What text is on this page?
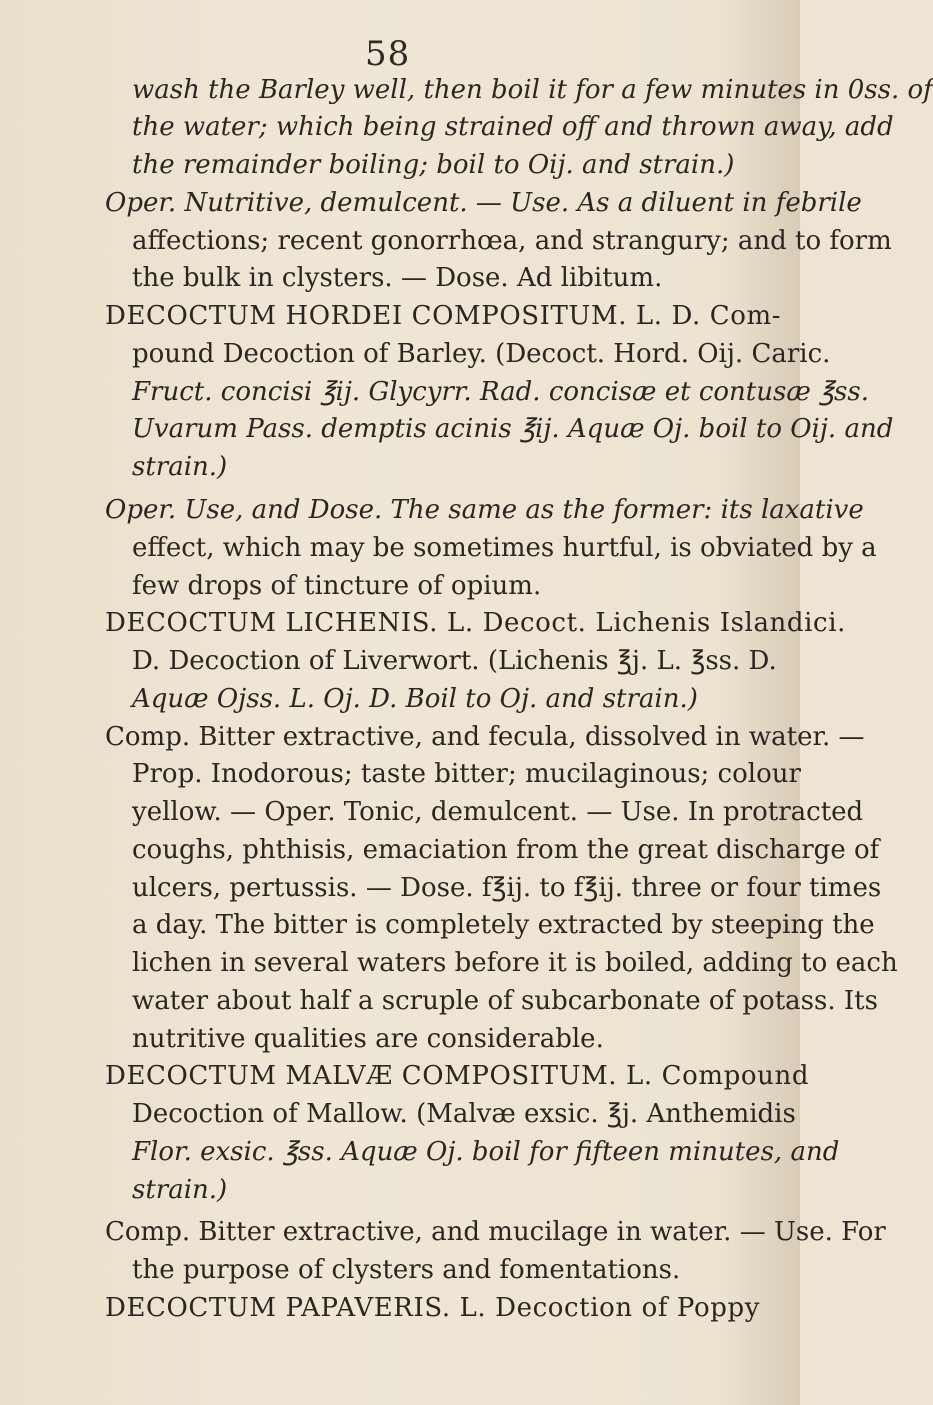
58
wash the Barley well, then boil it for a few minutes in 0ss. of
the water; which being strained off and thrown away, add
the remainder boiling; boil to Oij. and strain.)
Oper. Nutritive, demulcent. — Use. As a diluent in febrile
affections; recent gonorrhœa, and strangury; and to form
the bulk in clysters. — Dose. Ad libitum.
DECOCTUM HORDEI COMPOSITUM. L. D. Com-
pound Decoction of Barley. (Decoct. Hord. Oij. Caric.
Fruct. concisi ℥ij. Glycyrr. Rad. concisæ et contusæ ℥ss.
Uvarum Pass. demptis acinis ℥ij. Aquæ Oj. boil to Oij. and
strain.)
Oper. Use, and Dose. The same as the former: its laxative
effect, which may be sometimes hurtful, is obviated by a
few drops of tincture of opium.
DECOCTUM LICHENIS. L. Decoct. Lichenis Islandici.
D. Decoction of Liverwort. (Lichenis ℥j. L. ℥ss. D.
Aquæ Ojss. L. Oj. D. Boil to Oj. and strain.)
Comp. Bitter extractive, and fecula, dissolved in water. —
Prop. Inodorous; taste bitter; mucilaginous; colour
yellow. — Oper. Tonic, demulcent. — Use. In protracted
coughs, phthisis, emaciation from the great discharge of
ulcers, pertussis. — Dose. f℥ij. to f℥ij. three or four times
a day. The bitter is completely extracted by steeping the
lichen in several waters before it is boiled, adding to each
water about half a scruple of subcarbonate of potass. Its
nutritive qualities are considerable.
DECOCTUM MALVÆ COMPOSITUM. L. Compound
Decoction of Mallow. (Malvæ exsic. ℥j. Anthemidis
Flor. exsic. ℥ss. Aquæ Oj. boil for fifteen minutes, and
strain.)
Comp. Bitter extractive, and mucilage in water. — Use. For
the purpose of clysters and fomentations.
DECOCTUM PAPAVERIS. L. Decoction of Poppy
